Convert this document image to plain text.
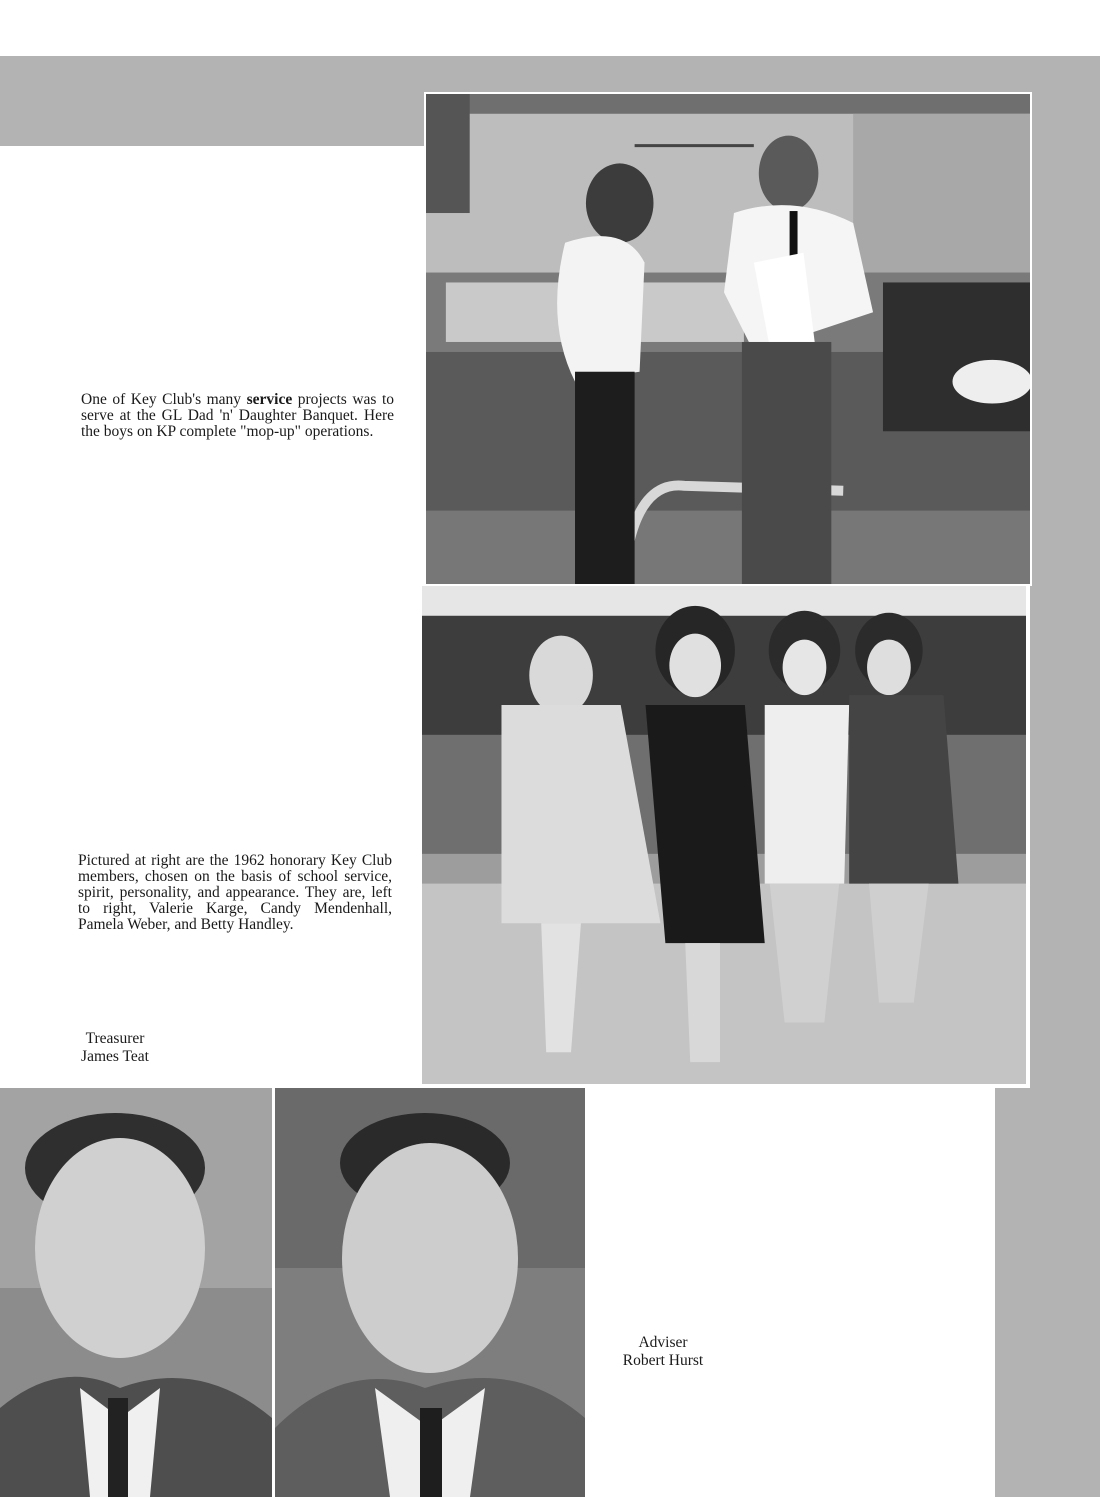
One of Key Club's many service projects was to serve at the GL Dad 'n' Daughter Banquet. Here the boys on KP complete "mop-up" operations.
Pictured at right are the 1962 honorary Key Club members, chosen on the basis of school service, spirit, personality, and appearance. They are, left to right, Valerie Karge, Candy Mendenhall, Pamela Weber, and Betty Handley.
Treasurer
James Teat
Adviser
Robert Hurst
